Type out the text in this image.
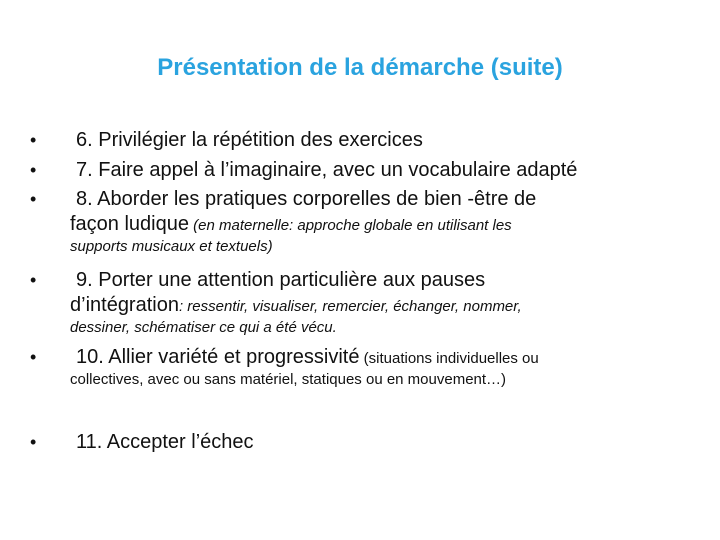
Présentation de la démarche (suite)
•	6. Privilégier la répétition des exercices
•	7. Faire appel à l’imaginaire, avec un vocabulaire adapté
•	8. Aborder les pratiques corporelles de bien -être de
façon ludique (en maternelle: approche globale en utilisant les
supports musicaux et textuels)
•	9. Porter une attention particulière aux pauses
d’intégration: ressentir, visualiser, remercier, échanger, nommer,
dessiner, schématiser ce qui a été vécu.
•	10. Allier variété et progressivité (situations individuelles ou
collectives, avec ou sans matériel, statiques ou en mouvement…)
•	11. Accepter l’échec
